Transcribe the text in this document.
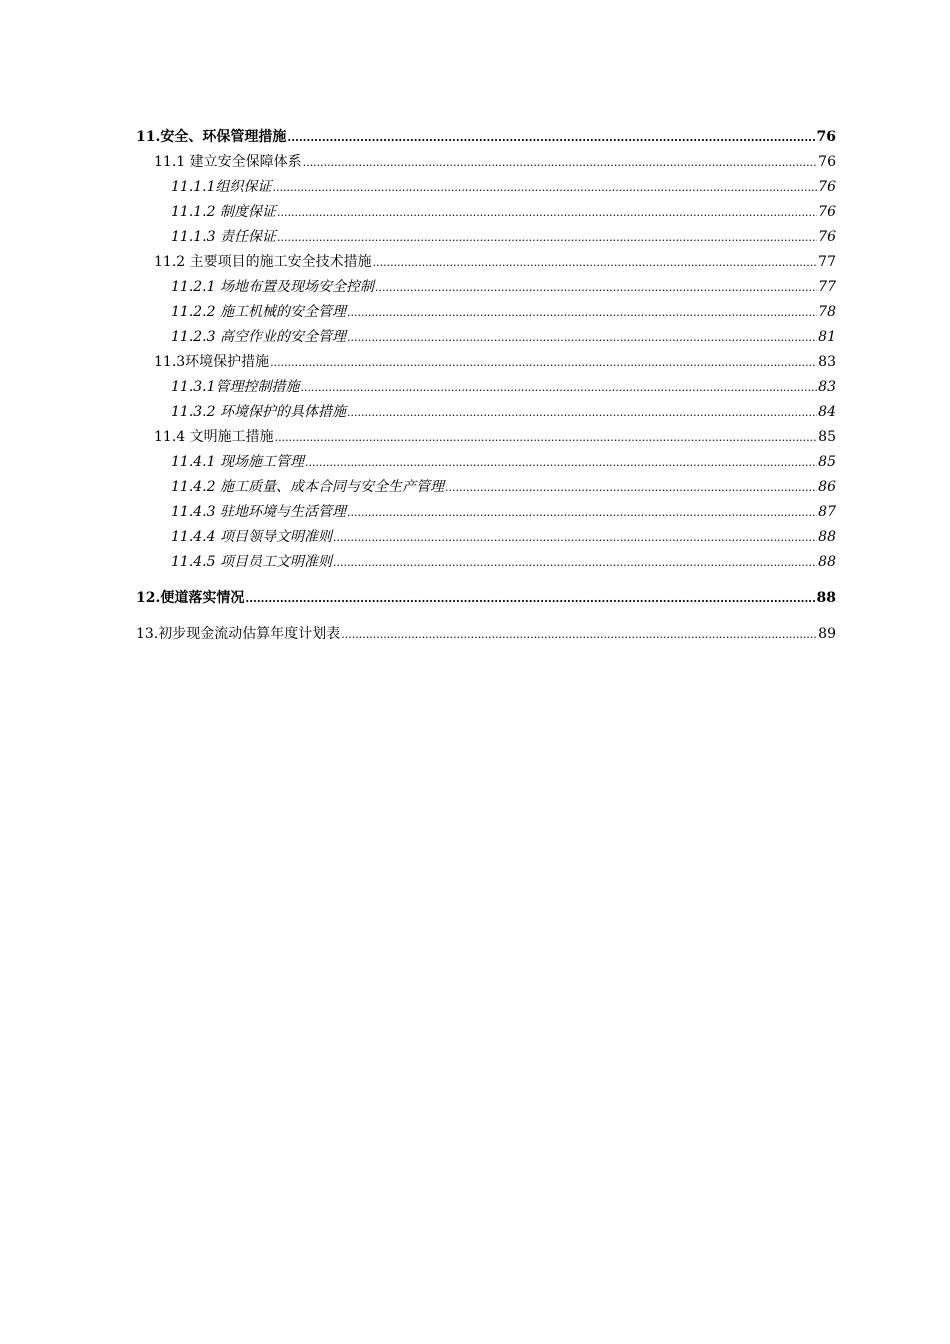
11.安全、环保管理措施 .....	76
11.1 建立安全保障体系 .....	76
11.1.1组织保证 .....	76
11.1.2 制度保证 .....	76
11.1.3 责任保证 .....	76
11.2 主要项目的施工安全技术措施 .....	77
11.2.1 场地布置及现场安全控制 .....	77
11.2.2 施工机械的安全管理 .....	78
11.2.3 高空作业的安全管理 .....	81
11.3环境保护措施 .....	83
11.3.1管理控制措施 .....	83
11.3.2 环境保护的具体措施 .....	84
11.4 文明施工措施 .....	85
11.4.1 现场施工管理 .....	85
11.4.2 施工质量、成本合同与安全生产管理 .....	86
11.4.3 驻地环境与生活管理 .....	87
11.4.4 项目领导文明准则 .....	88
11.4.5 项目员工文明准则 .....	88
12.便道落实情况 .....	88
13.初步现金流动估算年度计划表 .....	89
